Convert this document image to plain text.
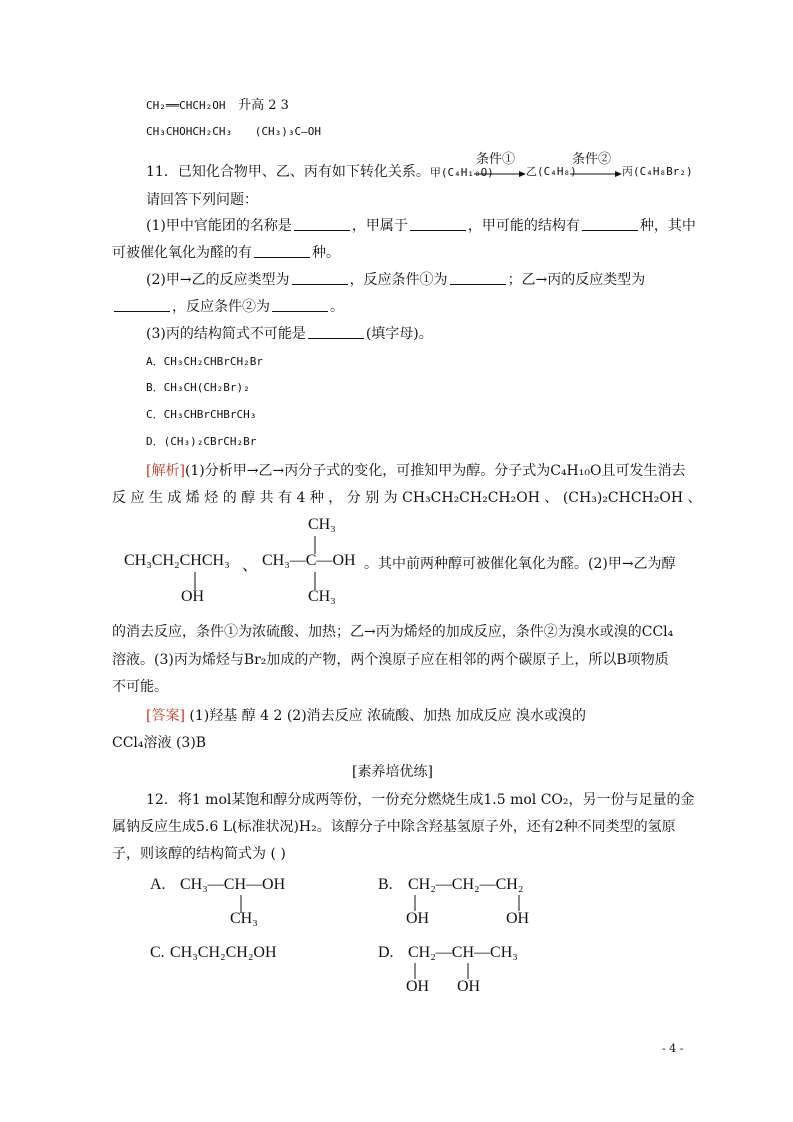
CH₂══CHCH₂OH 升高 2 3
CH₃CHOHCH₂CH₃ (CH₃)₃C—OH
11．已知化合物甲、乙、丙有如下转化关系。甲(C₄H₁₀O)
条件①
→ 乙(C₄H₈)
条件②
→ 丙(C₄H₈Br₂)
请回答下列问题：
(1)甲中官能团的名称是	，甲属于	，甲可能的结构有	种，其中
可被催化氧化为醛的有	种。
(2)甲→乙的反应类型为	，反应条件①为	；乙→丙的反应类型为
，反应条件②为	。
(3)丙的结构简式不可能是	(填字母)。
A．CH₃CH₂CHBrCH₂Br
B．CH₃CH(CH₂Br)₂
C．CH₃CHBrCHBrCH₃
D．(CH₃)₂CBrCH₂Br
[解析](1)分析甲→乙→丙分子式的变化，可推知甲为醇。分子式为C₄H₁₀O且可发生消去
反 应 生 成 烯 烃 的 醇 共 有 4 种 ， 分 别 为 CH₃CH₂CH₂CH₂OH 、 (CH₃)₂CHCH₂OH 、
CH₃CH₂CHCH₃
OH
、
CH₃
CH₃—C—OH
CH₃
。其中前两种醇可被催化氧化为醛。(2)甲→乙为醇
的消去反应，条件①为浓硫酸、加热；乙→丙为烯烃的加成反应，条件②为溴水或溴的CCl₄
溶液。(3)丙为烯烃与Br₂加成的产物，两个溴原子应在相邻的两个碳原子上，所以B项物质
不可能。
[答案] (1)羟基 醇 4 2 (2)消去反应 浓硫酸、加热 加成反应 溴水或溴的
CCl₄溶液 (3)B
[素养培优练]
12．将1 mol某饱和醇分成两等份，一份充分燃烧生成1.5 mol CO₂，另一份与足量的金
属钠反应生成5.6 L(标准状况)H₂。该醇分子中除含羟基氢原子外，还有2种不同类型的氢原
子，则该醇的结构简式为 ( )
A. CH₃—CH—OH
CH₃
B. CH₂—CH₂—CH₂
OH	OH
C. CH₃CH₂CH₂OH	D. CH₂—CH—CH₃
OH OH
- 4 -
